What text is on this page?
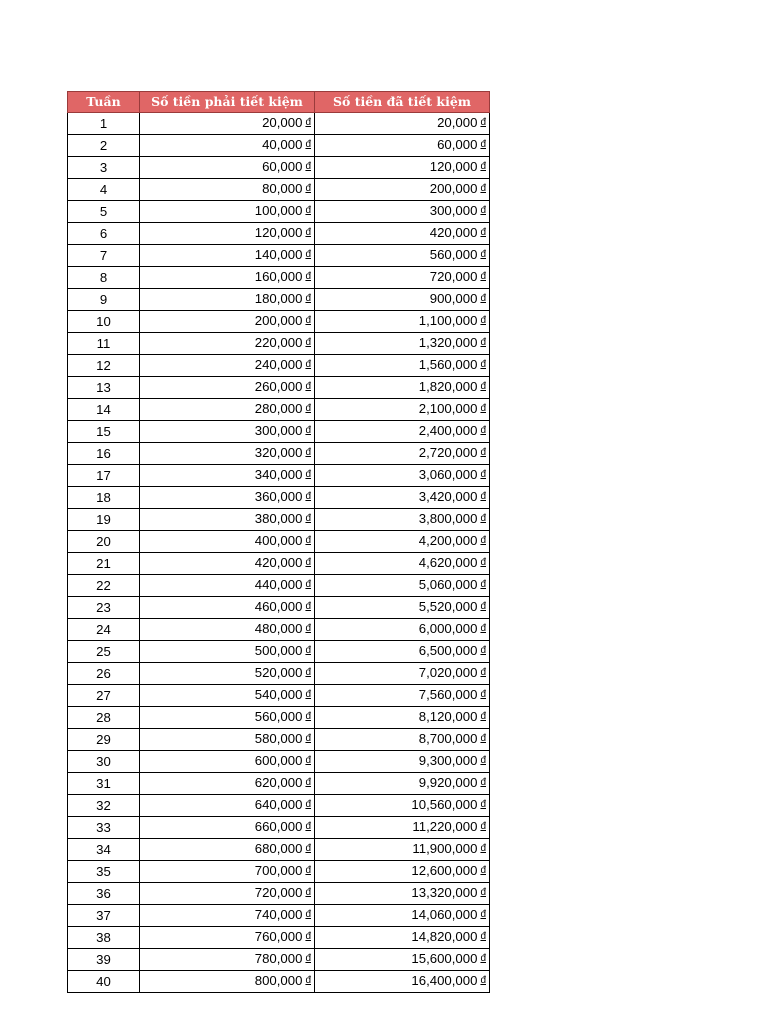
Tuần	Số tiền phải tiết kiệm	Số tiền đã tiết kiệm
1	20,000 đ	20,000 đ
2	40,000 đ	60,000 đ
3	60,000 đ	120,000 đ
4	80,000 đ	200,000 đ
5	100,000 đ	300,000 đ
6	120,000 đ	420,000 đ
7	140,000 đ	560,000 đ
8	160,000 đ	720,000 đ
9	180,000 đ	900,000 đ
10	200,000 đ	1,100,000 đ
11	220,000 đ	1,320,000 đ
12	240,000 đ	1,560,000 đ
13	260,000 đ	1,820,000 đ
14	280,000 đ	2,100,000 đ
15	300,000 đ	2,400,000 đ
16	320,000 đ	2,720,000 đ
17	340,000 đ	3,060,000 đ
18	360,000 đ	3,420,000 đ
19	380,000 đ	3,800,000 đ
20	400,000 đ	4,200,000 đ
21	420,000 đ	4,620,000 đ
22	440,000 đ	5,060,000 đ
23	460,000 đ	5,520,000 đ
24	480,000 đ	6,000,000 đ
25	500,000 đ	6,500,000 đ
26	520,000 đ	7,020,000 đ
27	540,000 đ	7,560,000 đ
28	560,000 đ	8,120,000 đ
29	580,000 đ	8,700,000 đ
30	600,000 đ	9,300,000 đ
31	620,000 đ	9,920,000 đ
32	640,000 đ	10,560,000 đ
33	660,000 đ	11,220,000 đ
34	680,000 đ	11,900,000 đ
35	700,000 đ	12,600,000 đ
36	720,000 đ	13,320,000 đ
37	740,000 đ	14,060,000 đ
38	760,000 đ	14,820,000 đ
39	780,000 đ	15,600,000 đ
40	800,000 đ	16,400,000 đ
